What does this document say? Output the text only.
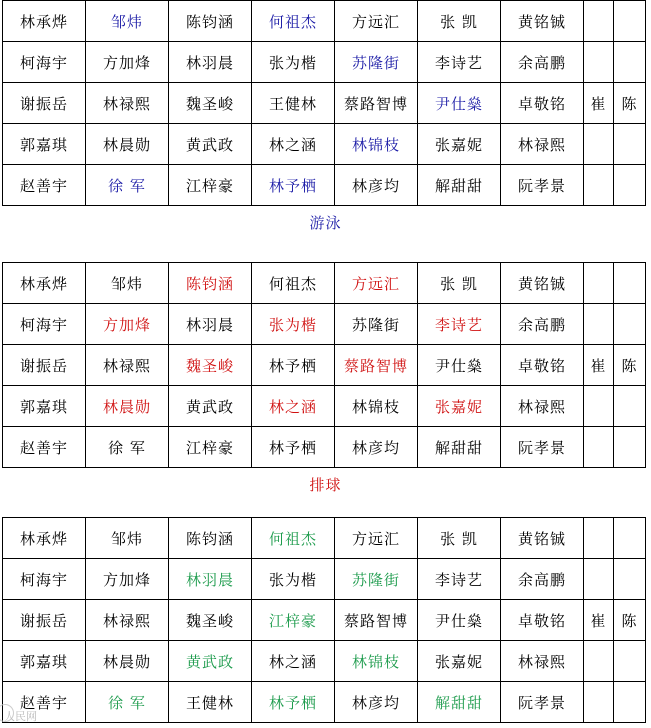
林承烨	邹炜	陈钧涵	何祖杰	方远汇	张 凯	黄铭铖		
柯海宇	方加烽	林羽晨	张为楷	苏隆街	李诗艺	余高鹏		
谢振岳	林禄熙	魏圣峻	王健林	蔡路智博	尹仕燊	卓敬铭	崔	陈
郭嘉琪	林晨勋	黄武政	林之涵	林锦枝	张嘉妮	林禄熙		
赵善宇	徐 军	江梓豪	林予栖	林彦均	解甜甜	阮孝景		
游泳
林承烨	邹炜	陈钧涵	何祖杰	方远汇	张 凯	黄铭铖		
柯海宇	方加烽	林羽晨	张为楷	苏隆街	李诗艺	余高鹏		
谢振岳	林禄熙	魏圣峻	林予栖	蔡路智博	尹仕燊	卓敬铭	崔	陈
郭嘉琪	林晨勋	黄武政	林之涵	林锦枝	张嘉妮	林禄熙		
赵善宇	徐 军	江梓豪	林予栖	林彦均	解甜甜	阮孝景		
排球
林承烨	邹炜	陈钧涵	何祖杰	方远汇	张 凯	黄铭铖		
柯海宇	方加烽	林羽晨	张为楷	苏隆街	李诗艺	余高鹏		
谢振岳	林禄熙	魏圣峻	江梓豪	蔡路智博	尹仕燊	卓敬铭	崔	陈
郭嘉琪	林晨勋	黄武政	林之涵	林锦枝	张嘉妮	林禄熙		
赵善宇	徐 军	王健林	林予栖	林彦均	解甜甜	阮孝景		
人民网
